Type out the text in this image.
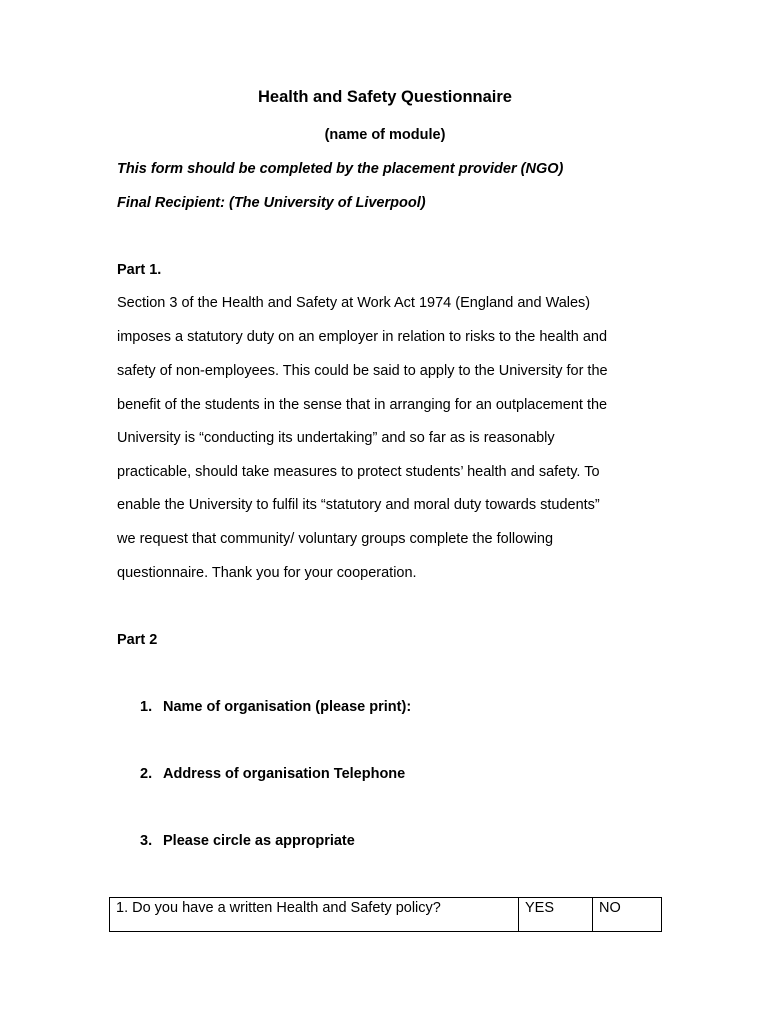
Health and Safety Questionnaire
(name of module)
This form should be completed by the placement provider (NGO)
Final Recipient: (The University of Liverpool)
Part 1.
Section 3 of the Health and Safety at Work Act 1974 (England and Wales)
imposes a statutory duty on an employer in relation to risks to the health and
safety of non-employees. This could be said to apply to the University for the
benefit of the students in the sense that in arranging for an outplacement the
University is “conducting its undertaking” and so far as is reasonably
practicable, should take measures to protect students’ health and safety. To
enable the University to fulfil its “statutory and moral duty towards students”
we request that community/ voluntary groups complete the following
questionnaire. Thank you for your cooperation.
Part 2
1. Name of organisation (please print):
2. Address of organisation Telephone
3. Please circle as appropriate
1. Do you have a written Health and Safety policy?	YES	NO
